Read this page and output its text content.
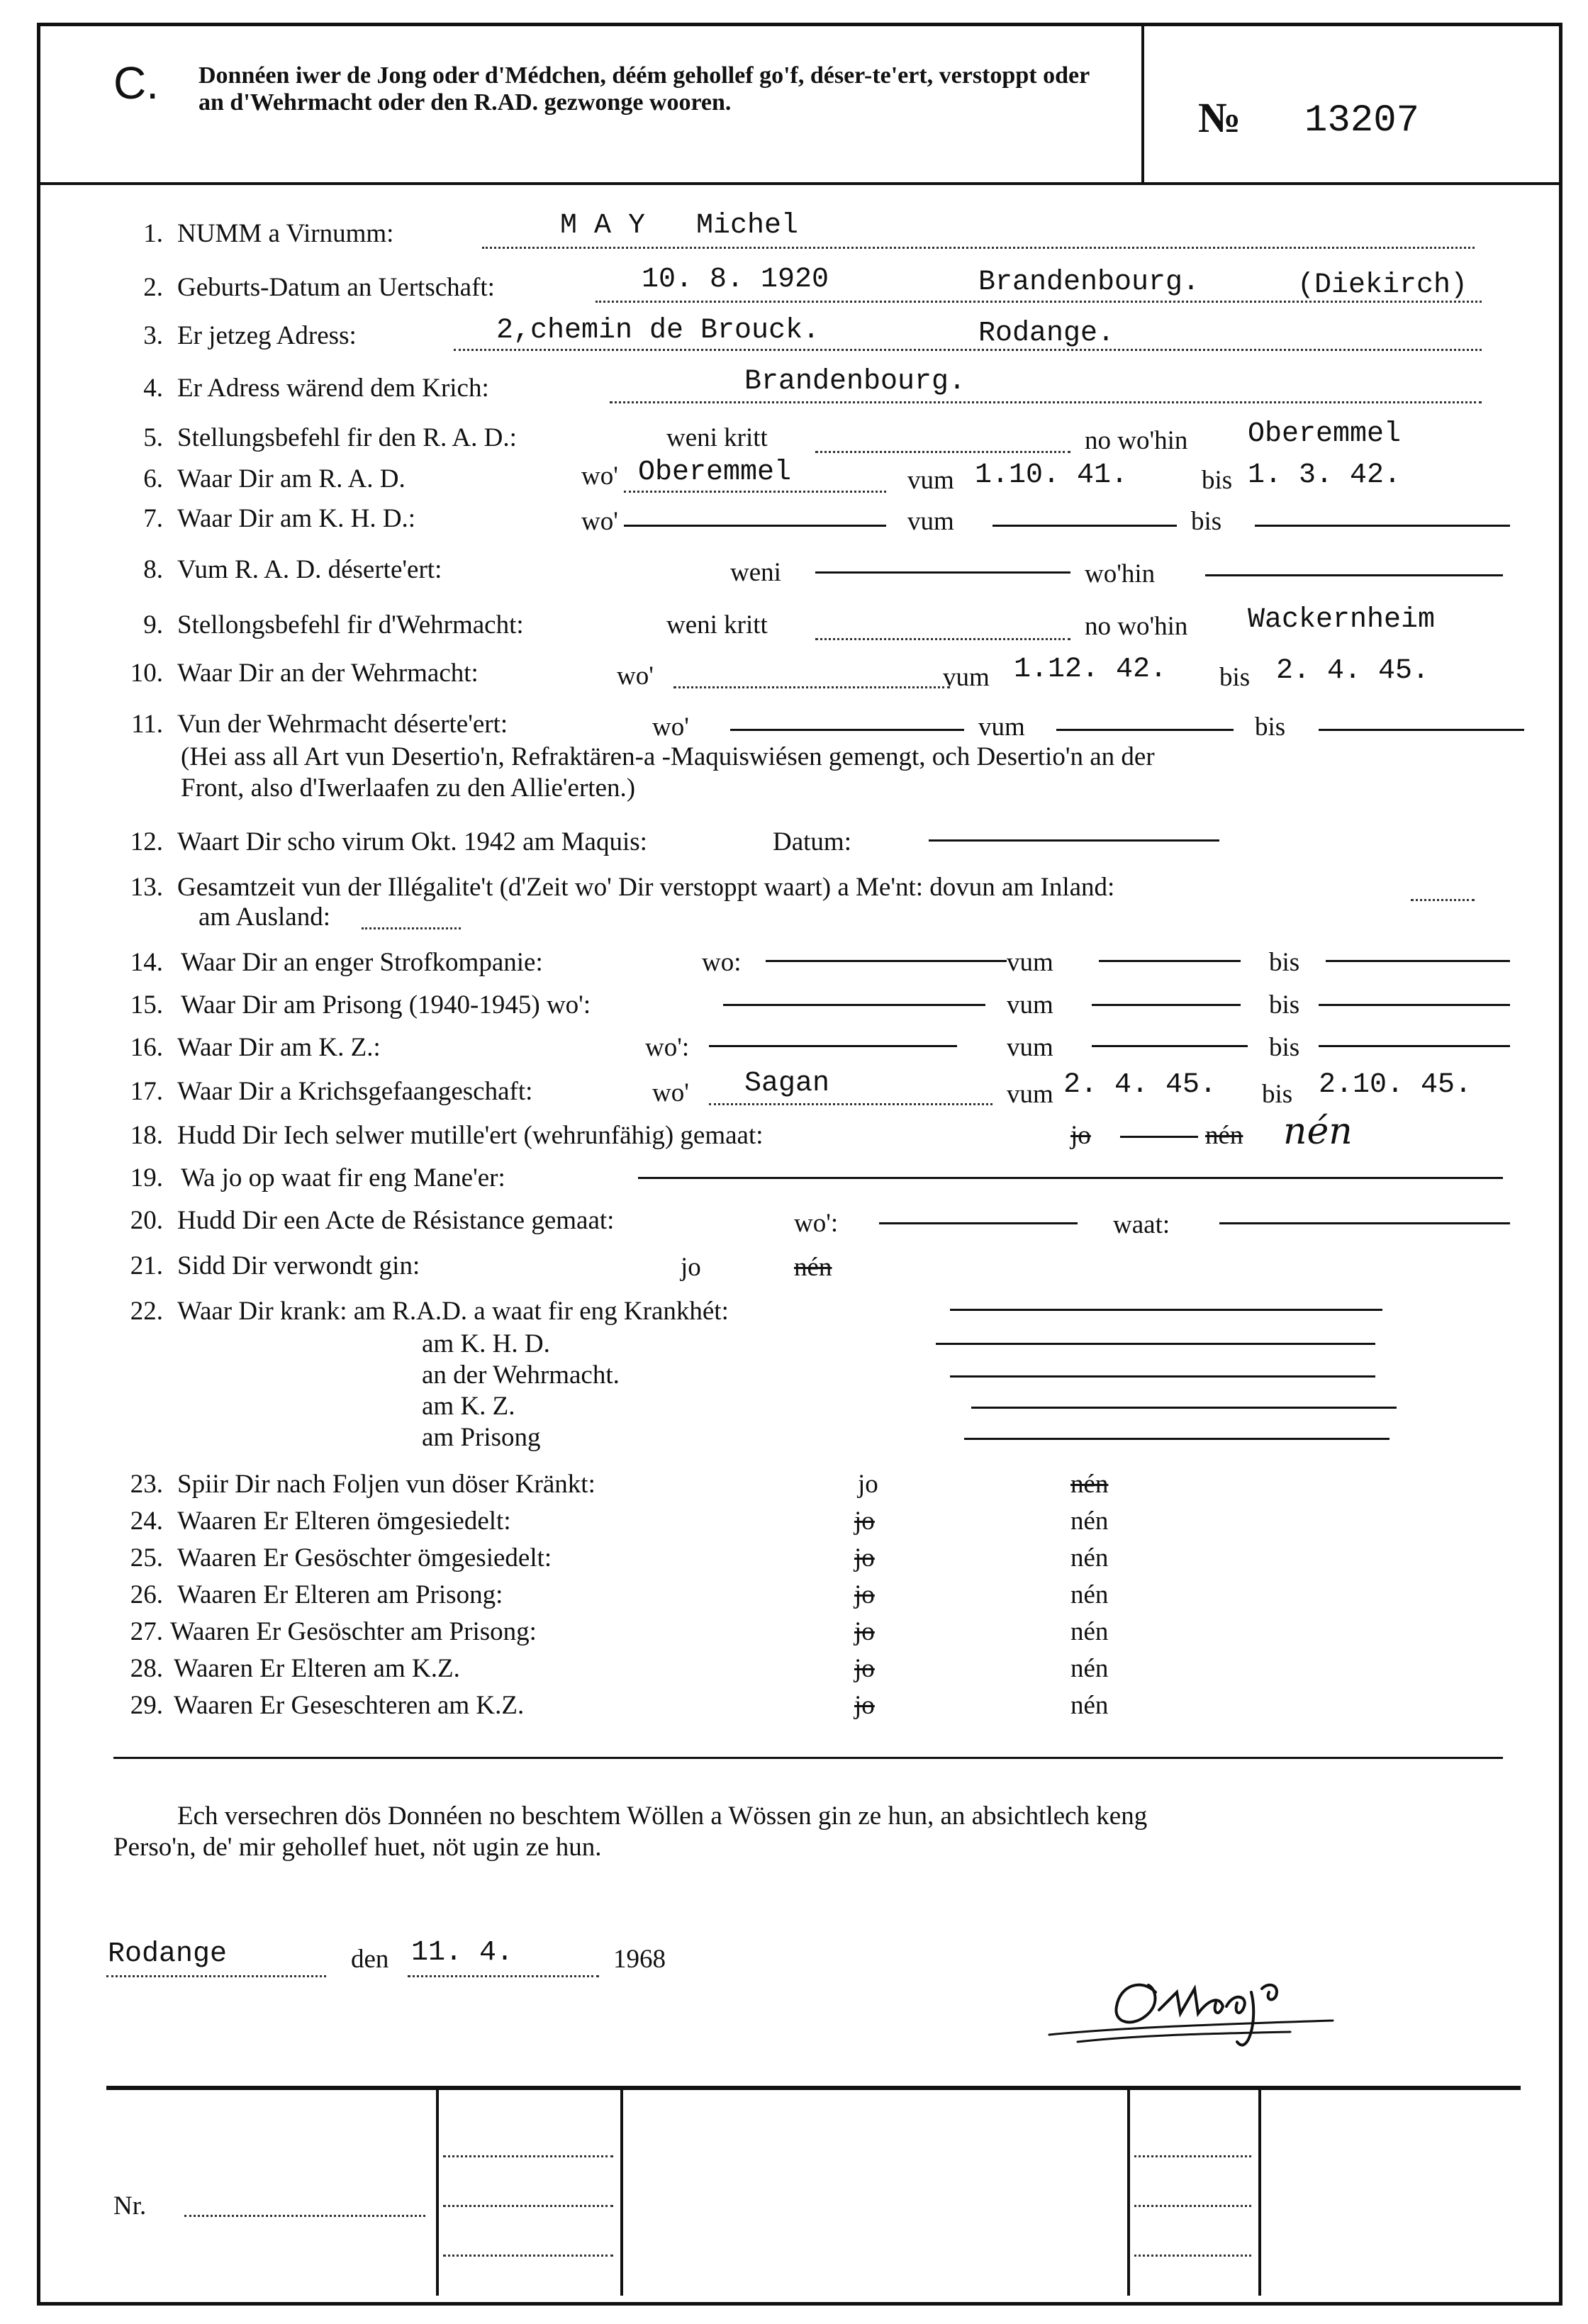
C. Donnéen iwer de Jong oder d'Médchen, déém gehollef go'f, déser-te'ert, verstoppt oder an d'Wehrmacht oder den R.AD. gezwonge wooren.	№ 13207
1. NUMM a Virnumm:	M A Y   Michel
2. Geburts-Datum an Uertschaft:	10. 8. 1920	Brandenbourg.	(Diekirch)
3. Er jetzeg Adress:	2,chemin de Brouck.	Rodange.
4. Er Adress wärend dem Krich:	Brandenbourg.
5. Stellungsbefehl fir den R. A. D.:	weni kritt	no wo'hin Oberemmel
6. Waar Dir am R. A. D.	wo' Oberemmel	vum 1.10. 41.	bis 1. 3. 42.
7. Waar Dir am K. H. D.:	wo'	vum	bis
8. Vum R. A. D. déserte'ert:	weni	wo'hin
9. Stellongsbefehl fir d'Wehrmacht:	weni kritt	no wo'hin Wackernheim
10. Waar Dir an der Wehrmacht:	wo'	vum 1.12. 42. bis 2. 4. 45.
11. Vun der Wehrmacht déserte'ert:	wo'	vum	bis
(Hei ass all Art vun Desertio'n, Refraktären-a -Maquiswiésen gemengt, och Desertio'n an der
Front, also d'Iwerlaafen zu den Allie'erten.)
12. Waart Dir scho virum Okt. 1942 am Maquis:	Datum:
13. Gesamtzeit vun der Illégalite't (d'Zeit wo' Dir verstoppt waart) a Me'nt: dovun am Inland:
am Ausland:
14. Waar Dir an enger Strofkompanie:	wo:	vum	bis
15. Waar Dir am Prisong (1940-1945) wo':	vum	bis
16. Waar Dir am K. Z.:	wo':	vum	bis
17. Waar Dir a Krichsgefaangeschaft:	wo' Sagan	vum 2. 4. 45. bis 2.10. 45.
18. Hudd Dir Iech selwer mutille'ert (wehrunfähig) gemaat:	jo	nén nén
19. Wa jo op waat fir eng Mane'er:
20. Hudd Dir een Acte de Résistance gemaat:	wo':	waat:
21. Sidd Dir verwondt gin:	jo	nén
22. Waar Dir krank: am R.A.D. a waat fir eng Krankhét:
am K. H. D.
an der Wehrmacht.
am K. Z.
am Prisong
23. Spiir Dir nach Foljen vun döser Kränkt:	jo	nén
24. Waaren Er Elteren ömgesiedelt:	jo	nén
25. Waaren Er Gesöschter ömgesiedelt:	jo	nén
26. Waaren Er Elteren am Prisong:	jo	nén
27. Waaren Er Gesöschter am Prisong:	jo	nén
28. Waaren Er Elteren am K.Z.	jo	nén
29. Waaren Er Geseschteren am K.Z.	jo	nén
Ech versechren dös Donnéen no beschtem Wöllen a Wössen gin ze hun, an absichtlech keng
Perso'n, de' mir gehollef huet, nöt ugin ze hun.
Rodange	den 11. 4.	1968
Nr.
